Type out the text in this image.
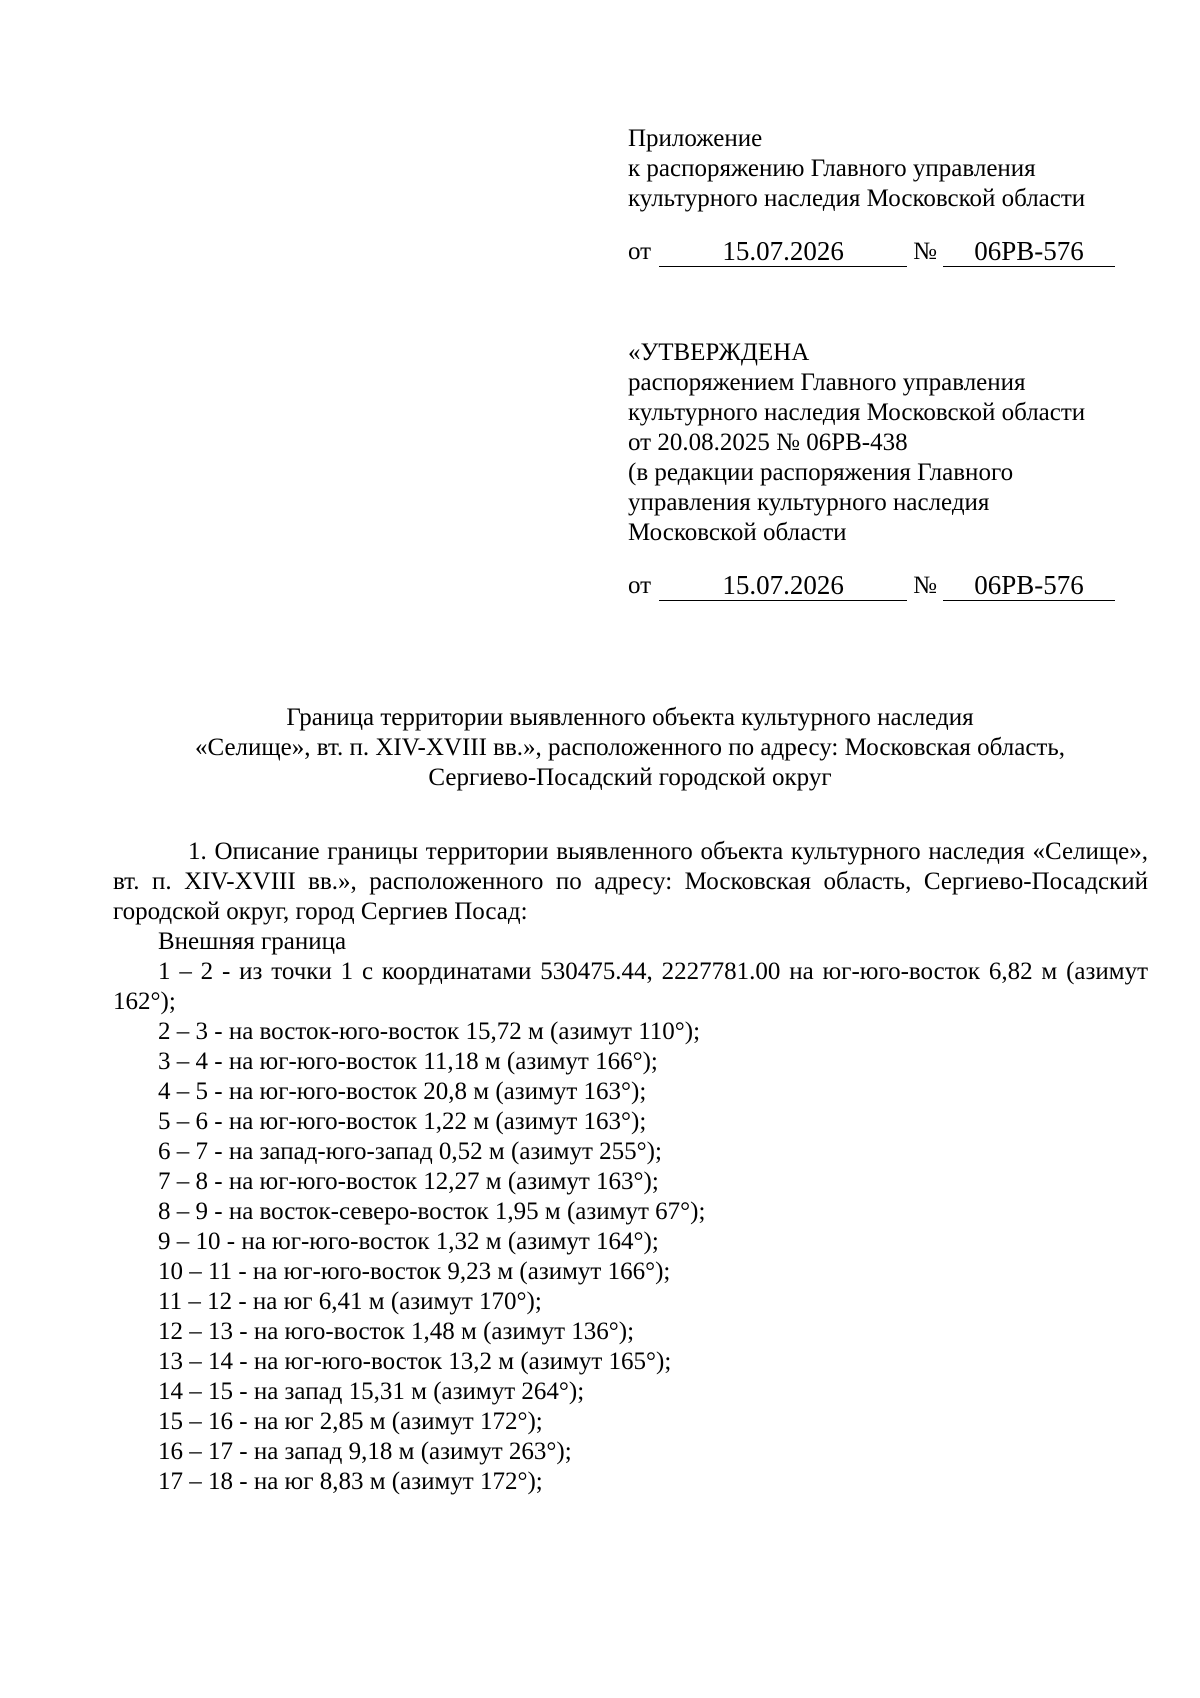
Приложение
к распоряжению Главного управления
культурного наследия Московской области
от	15.07.2026	№	06РВ-576
«УТВЕРЖДЕНА
распоряжением Главного управления
культурного наследия Московской области
от 20.08.2025 № 06РВ-438
(в редакции распоряжения Главного
управления культурного наследия
Московской области
от	15.07.2026	№	06РВ-576
Граница территории выявленного объекта культурного наследия
«Селище», вт. п. XIV-XVIII вв.», расположенного по адресу: Московская область,
Сергиево-Посадский городской округ

1. Описание границы территории выявленного объекта культурного наследия «Селище», вт. п. XIV-XVIII вв.», расположенного по адресу: Московская область, Сергиево-Посадский городской округ, город Сергиев Посад:

Внешняя граница
1 – 2 - из точки 1 с координатами 530475.44, 2227781.00 на юг-юго-восток 6,82 м (азимут 162°);
2 – 3 - на восток-юго-восток 15,72 м (азимут 110°);
3 – 4 - на юг-юго-восток 11,18 м (азимут 166°);
4 – 5 - на юг-юго-восток 20,8 м (азимут 163°);
5 – 6 - на юг-юго-восток 1,22 м (азимут 163°);
6 – 7 - на запад-юго-запад 0,52 м (азимут 255°);
7 – 8 - на юг-юго-восток 12,27 м (азимут 163°);
8 – 9 - на восток-северо-восток 1,95 м (азимут 67°);
9 – 10 - на юг-юго-восток 1,32 м (азимут 164°);
10 – 11 - на юг-юго-восток 9,23 м (азимут 166°);
11 – 12 - на юг 6,41 м (азимут 170°);
12 – 13 - на юго-восток 1,48 м (азимут 136°);
13 – 14 - на юг-юго-восток 13,2 м (азимут 165°);
14 – 15 - на запад 15,31 м (азимут 264°);
15 – 16 - на юг 2,85 м (азимут 172°);
16 – 17 - на запад 9,18 м (азимут 263°);
17 – 18 - на юг 8,83 м (азимут 172°);
